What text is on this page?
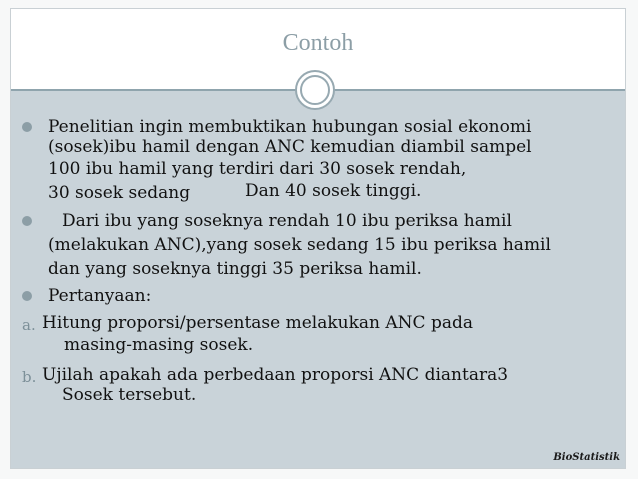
Contoh
Penelitian ingin membuktikan hubungan sosial ekonomi
(sosek)ibu hamil dengan ANC kemudian diambil sampel
100 ibu hamil yang terdiri dari 30 sosek rendah,
30 sosek sedang	Dan 40 sosek tinggi.
Dari ibu yang soseknya rendah 10 ibu periksa hamil
(melakukan ANC),yang sosek sedang 15 ibu periksa hamil
dan yang soseknya tinggi 35 periksa hamil.
Pertanyaan:
a. Hitung proporsi/persentase melakukan ANC pada
masing-masing sosek.
b. Ujilah apakah ada perbedaan proporsi ANC diantara3
Sosek tersebut.
BioStatistik
